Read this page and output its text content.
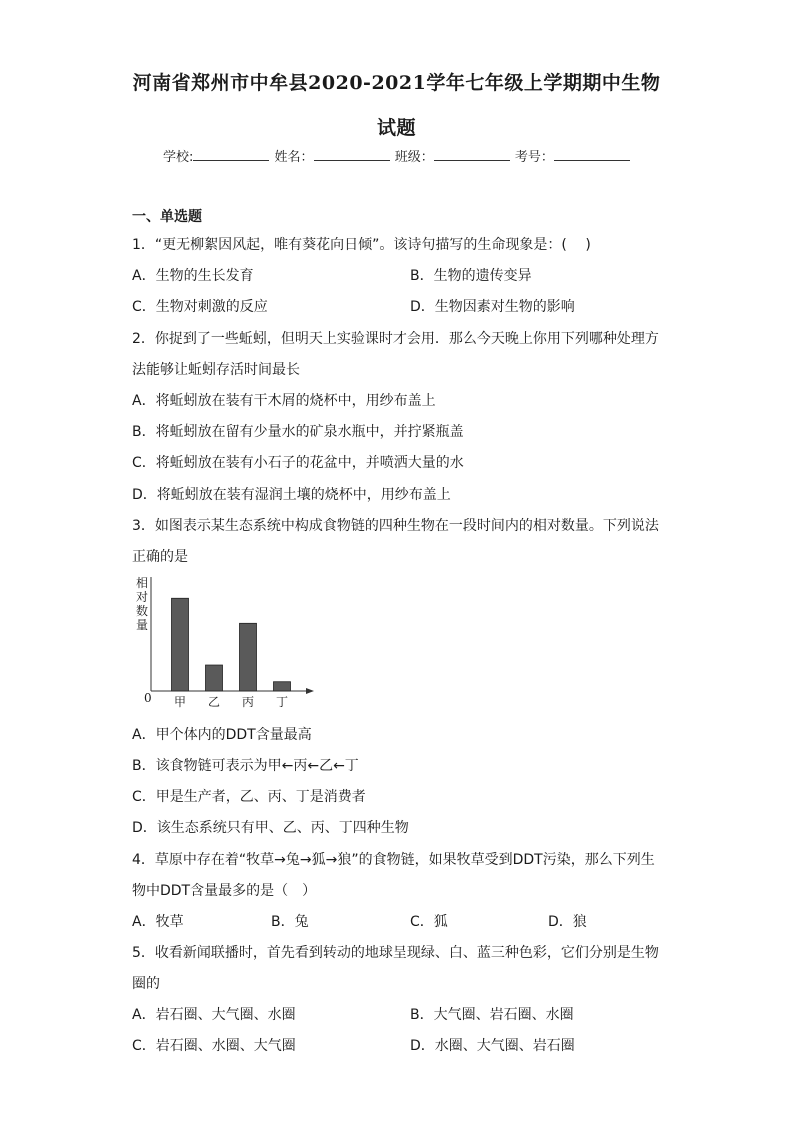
河南省郑州市中牟县2020-2021学年七年级上学期期中生物
试题
学校:	姓名：	班级：	考号：
一、单选题
1．“更无柳絮因风起，唯有葵花向日倾”。该诗句描写的生命现象是：(　 )
A．生物的生长发育	B．生物的遗传变异
C．生物对刺激的反应	D．生物因素对生物的影响
2．你捉到了一些蚯蚓，但明天上实验课时才会用．那么今天晚上你用下列哪种处理方
法能够让蚯蚓存活时间最长
A．将蚯蚓放在装有干木屑的烧杯中，用纱布盖上
B．将蚯蚓放在留有少量水的矿泉水瓶中，并拧紧瓶盖
C．将蚯蚓放在装有小石子的花盆中，并喷洒大量的水
D．将蚯蚓放在装有湿润土壤的烧杯中，用纱布盖上
3．如图表示某生态系统中构成食物链的四种生物在一段时间内的相对数量。下列说法
正确的是
相
对
数
量
0 甲 乙 丙 丁
A．甲个体内的DDT含量最高
B．该食物链可表示为甲←丙←乙←丁
C．甲是生产者，乙、丙、丁是消费者
D．该生态系统只有甲、乙、丙、丁四种生物
4．草原中存在着“牧草→兔→狐→狼”的食物链，如果牧草受到DDT污染，那么下列生
物中DDT含量最多的是（　）
A．牧草	B．兔	C．狐	D．狼
5．收看新闻联播时，首先看到转动的地球呈现绿、白、蓝三种色彩，它们分别是生物
圈的
A．岩石圈、大气圈、水圈	B．大气圈、岩石圈、水圈
C．岩石圈、水圈、大气圈	D．水圈、大气圈、岩石圈
